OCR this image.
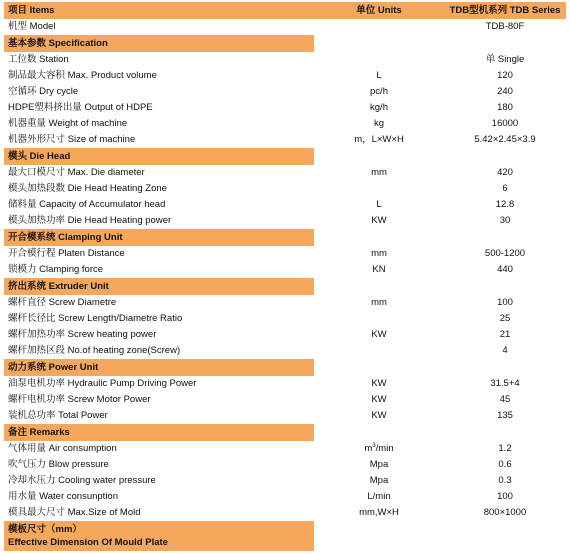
项目 Items	单位 Units	TDB型机系列 TDB Series
机型 Model		TDB-80F
基本参数 Specification		
工位数 Station		单 Single
制品最大容积 Max. Product volume	L	120
空循环 Dry cycle	pc/h	240
HDPE塑料挤出量 Output of HDPE	kg/h	180
机器重量 Weight of machine	kg	16000
机器外形尺寸 Size of machine	m，L×W×H	5.42×2.45×3.9
模头 Die Head		
最大口模尺寸 Max. Die diameter	mm	420
模头加热段数 Die Head Heating Zone		6
储料量 Capacity of Accumulator head	L	12.8
模头加热功率 Die Head Heating power	KW	30
开合模系统 Clamping Unit		
开合模行程 Platen Distance	mm	500-1200
锁模力 Clamping force	KN	440
挤出系统 Extruder Unit		
螺杆直径 Screw Diametre	mm	100
螺杆长径比 Screw Length/Diametre Ratio		25
螺杆加热功率 Screw heating power	KW	21
螺杆加热区段 No.of heating zone(Screw)		4
动力系统 Power Unit		
油泵电机功率 Hydraulic Pump Driving Power	KW	31.5+4
螺杆电机功率 Screw Motor Power	KW	45
装机总功率 Total Power	KW	135
备注 Remarks		
气体用量 Air consumption	$m^3/\min$	1.2
吹气压力 Blow pressure	Mpa	0.6
冷却水压力 Cooling water pressure	Mpa	0.3
用水量 Water consunption	L/min	100
模具最大尺寸 Max.Size of Mold	mm,W×H	800×1000

模板尺寸（mm）
Effective Dimension Of Mould Plate		
